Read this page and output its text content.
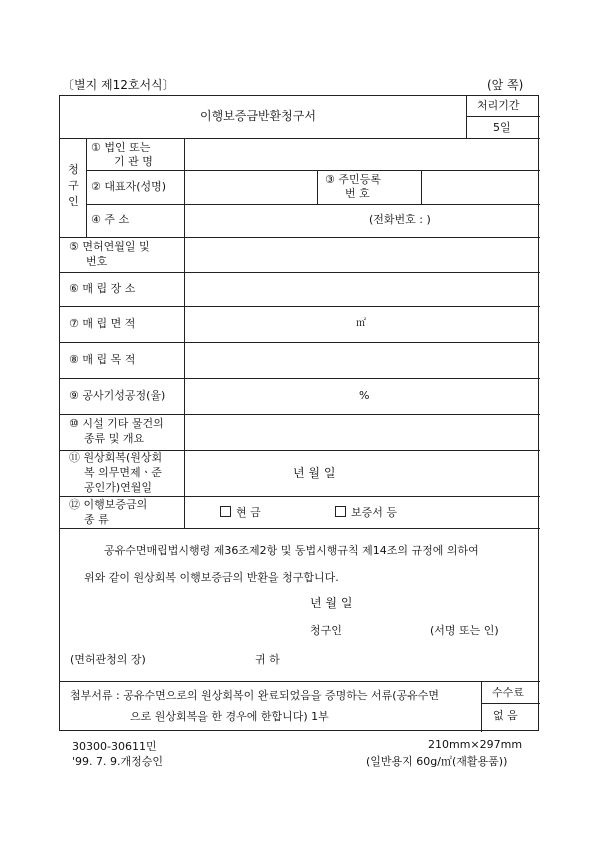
〔별지 제12호서식〕	(앞 쪽)
이행보증금반환청구서
처리기간
5일
청구인
① 법인 또는
기 관 명
② 대표자(성명)
③ 주민등록
번 호
④ 주 소	(전화번호 : )
⑤ 면허연월일 및
번호
⑥ 매 립 장 소
⑦ 매 립 면 적	㎡
⑧ 매 립 목 적
⑨ 공사기성공정(율)	%
⑩ 시설 기타 물건의
종류 및 개요
⑪ 원상회복(원상회
복 의무면제ㆍ준
공인가)연월일
년 월 일
⑫ 이행보증금의
종 류
현 금	보증서 등
공유수면매립법시행령 제36조제2항 및 동법시행규칙 제14조의 규정에 의하여
위와 같이 원상회복 이행보증금의 반환을 청구합니다.
년 월 일
청구인	(서명 또는 인)
(면허관청의 장)	귀 하
첨부서류 : 공유수면으로의 원상회복이 완료되었음을 증명하는 서류(공유수면
으로 원상회복을 한 경우에 한합니다) 1부
수수료
없 음
30300-30611민
'99. 7. 9.개정승인
210mm×297mm
(일반용지 60g/㎡(재활용품))
